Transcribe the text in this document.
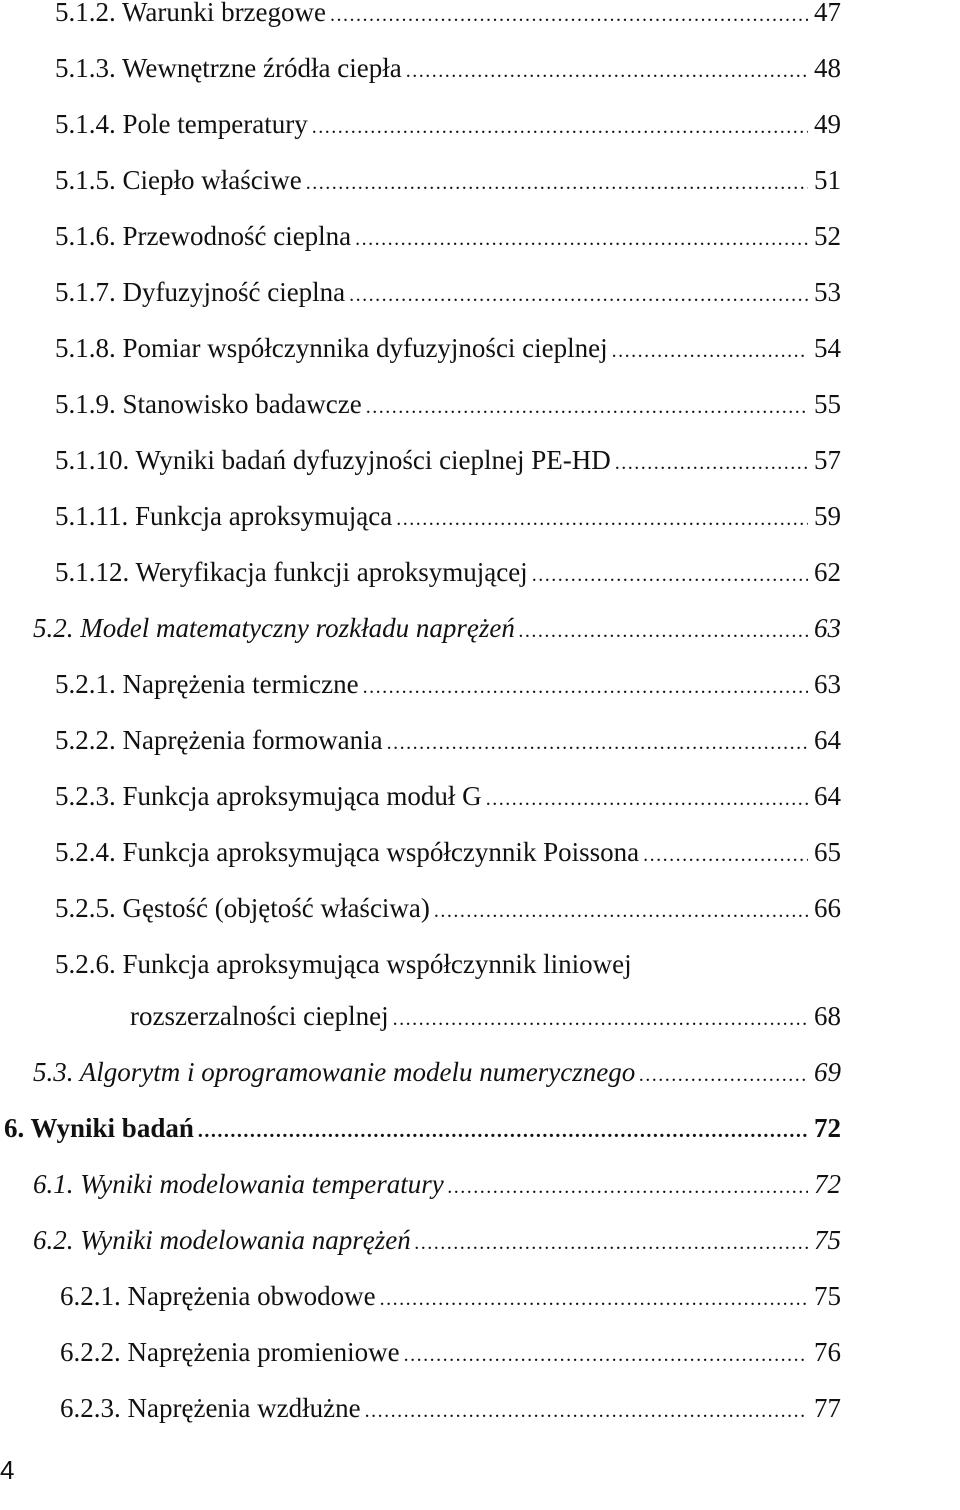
5.1.2. Warunki brzegowe .....	47
5.1.3. Wewnętrzne źródła ciepła .....	48
5.1.4. Pole temperatury .....	49
5.1.5. Ciepło właściwe .....	51
5.1.6. Przewodność cieplna .....	52
5.1.7. Dyfuzyjność cieplna .....	53
5.1.8. Pomiar współczynnika dyfuzyjności cieplnej .....	54
5.1.9. Stanowisko badawcze .....	55
5.1.10. Wyniki badań dyfuzyjności cieplnej PE-HD .....	57
5.1.11. Funkcja aproksymująca .....	59
5.1.12. Weryfikacja funkcji aproksymującej .....	62
5.2. Model matematyczny rozkładu naprężeń .....	63
5.2.1. Naprężenia termiczne .....	63
5.2.2. Naprężenia formowania .....	64
5.2.3. Funkcja aproksymująca moduł G .....	64
5.2.4. Funkcja aproksymująca współczynnik Poissona .....	65
5.2.5. Gęstość (objętość właściwa) .....	66
5.2.6. Funkcja aproksymująca współczynnik liniowej
rozszerzalności cieplnej .....	68
5.3. Algorytm i oprogramowanie modelu numerycznego .....	69
6. Wyniki badań .....	72
6.1. Wyniki modelowania temperatury .....	72
6.2. Wyniki modelowania naprężeń .....	75
6.2.1. Naprężenia obwodowe .....	75
6.2.2. Naprężenia promieniowe .....	76
6.2.3. Naprężenia wzdłużne .....	77
4
